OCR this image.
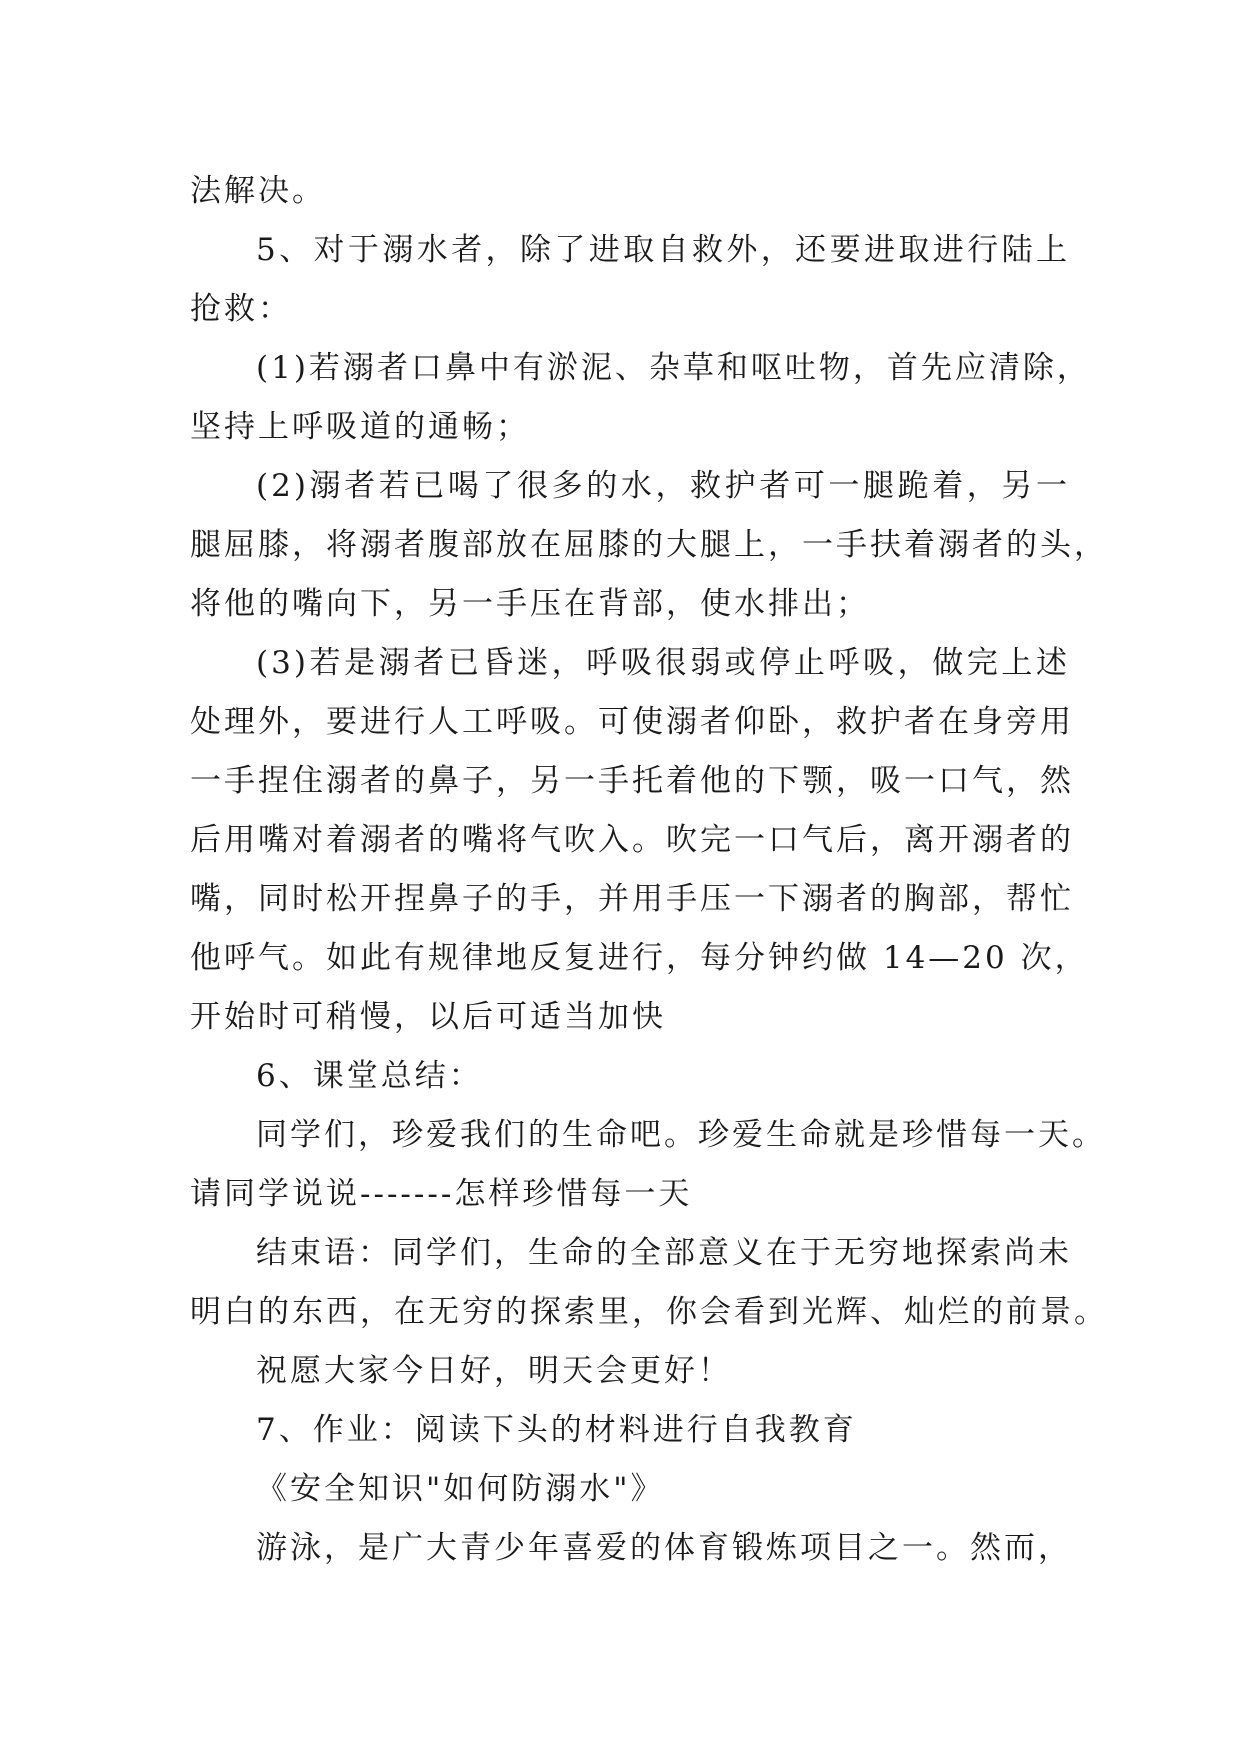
法解决。

5、对于溺水者，除了进取自救外，还要进取进行陆上

抢救：

(1)若溺者口鼻中有淤泥、杂草和呕吐物，首先应清除，

坚持上呼吸道的通畅；

(2)溺者若已喝了很多的水，救护者可一腿跪着，另一

腿屈膝，将溺者腹部放在屈膝的大腿上，一手扶着溺者的头，

将他的嘴向下，另一手压在背部，使水排出；

(3)若是溺者已昏迷，呼吸很弱或停止呼吸，做完上述

处理外，要进行人工呼吸。可使溺者仰卧，救护者在身旁用

一手捏住溺者的鼻子，另一手托着他的下颚，吸一口气，然

后用嘴对着溺者的嘴将气吹入。吹完一口气后，离开溺者的

嘴，同时松开捏鼻子的手，并用手压一下溺者的胸部，帮忙

他呼气。如此有规律地反复进行，每分钟约做 14—20 次，

开始时可稍慢，以后可适当加快

6、课堂总结：

同学们，珍爱我们的生命吧。珍爱生命就是珍惜每一天。

请同学说说-------怎样珍惜每一天

结束语：同学们，生命的全部意义在于无穷地探索尚未

明白的东西，在无穷的探索里，你会看到光辉、灿烂的前景。

祝愿大家今日好，明天会更好！

7、作业：阅读下头的材料进行自我教育

《安全知识"如何防溺水"》

游泳，是广大青少年喜爱的体育锻炼项目之一。然而，
